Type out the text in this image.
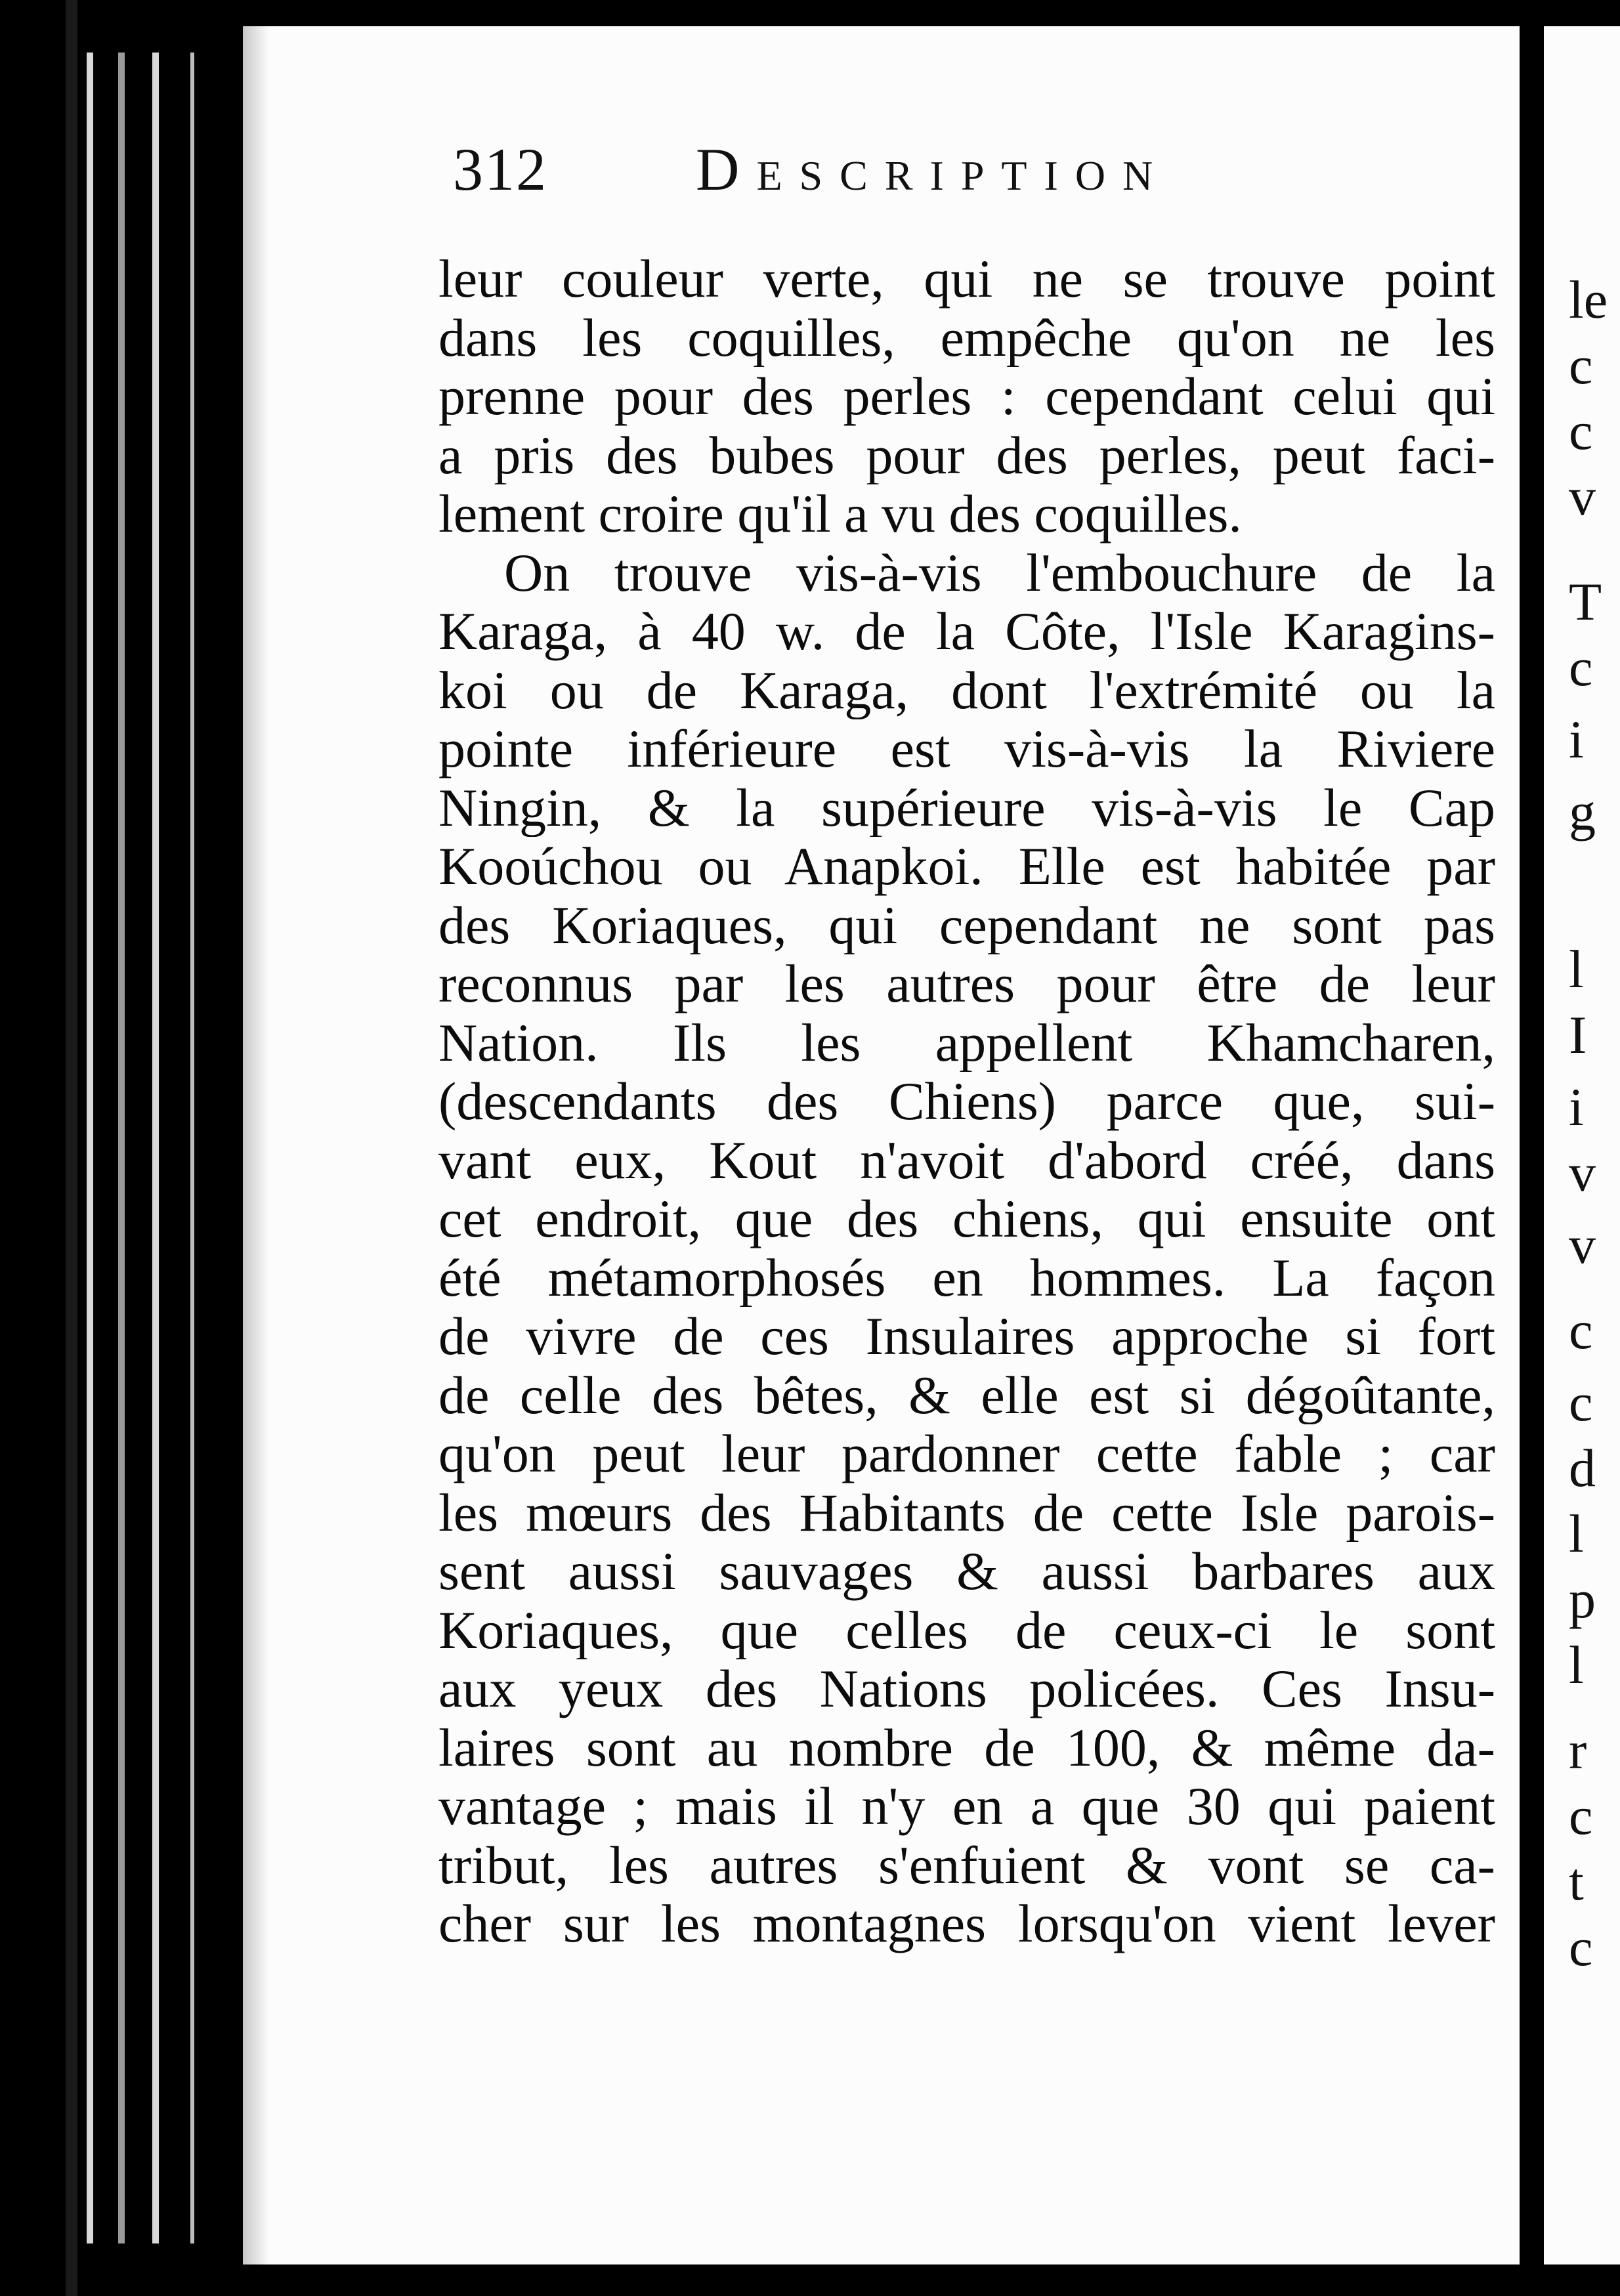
312 Description
leur couleur verte, qui ne se trouve point
dans les coquilles, empêche qu'on ne les
prenne pour des perles : cependant celui qui
a pris des bubes pour des perles, peut faci-
lement croire qu'il a vu des coquilles.
On trouve vis-à-vis l'embouchure de la
Karaga, à 40 w. de la Côte, l'Isle Karagins-
koi ou de Karaga, dont l'extrémité ou la
pointe inférieure est vis-à-vis la Riviere
Ningin, & la supérieure vis-à-vis le Cap
Kooúchou ou Anapkoi. Elle est habitée par
des Koriaques, qui cependant ne sont pas
reconnus par les autres pour être de leur
Nation. Ils les appellent Khamcharen,
(descendants des Chiens) parce que, sui-
vant eux, Kout n'avoit d'abord créé, dans
cet endroit, que des chiens, qui ensuite ont
été métamorphosés en hommes. La façon
de vivre de ces Insulaires approche si fort
de celle des bêtes, & elle est si dégoûtante,
qu'on peut leur pardonner cette fable ; car
les mœurs des Habitants de cette Isle parois-
sent aussi sauvages & aussi barbares aux
Koriaques, que celles de ceux-ci le sont
aux yeux des Nations policées. Ces Insu-
laires sont au nombre de 100, & même da-
vantage ; mais il n'y en a que 30 qui paient
tribut, les autres s'enfuient & vont se ca-
cher sur les montagnes lorsqu'on vient lever
le
c
c
v
T
c
i
g
l
I
i
v
v
c
c
d
l
p
l
r
c
t
c
